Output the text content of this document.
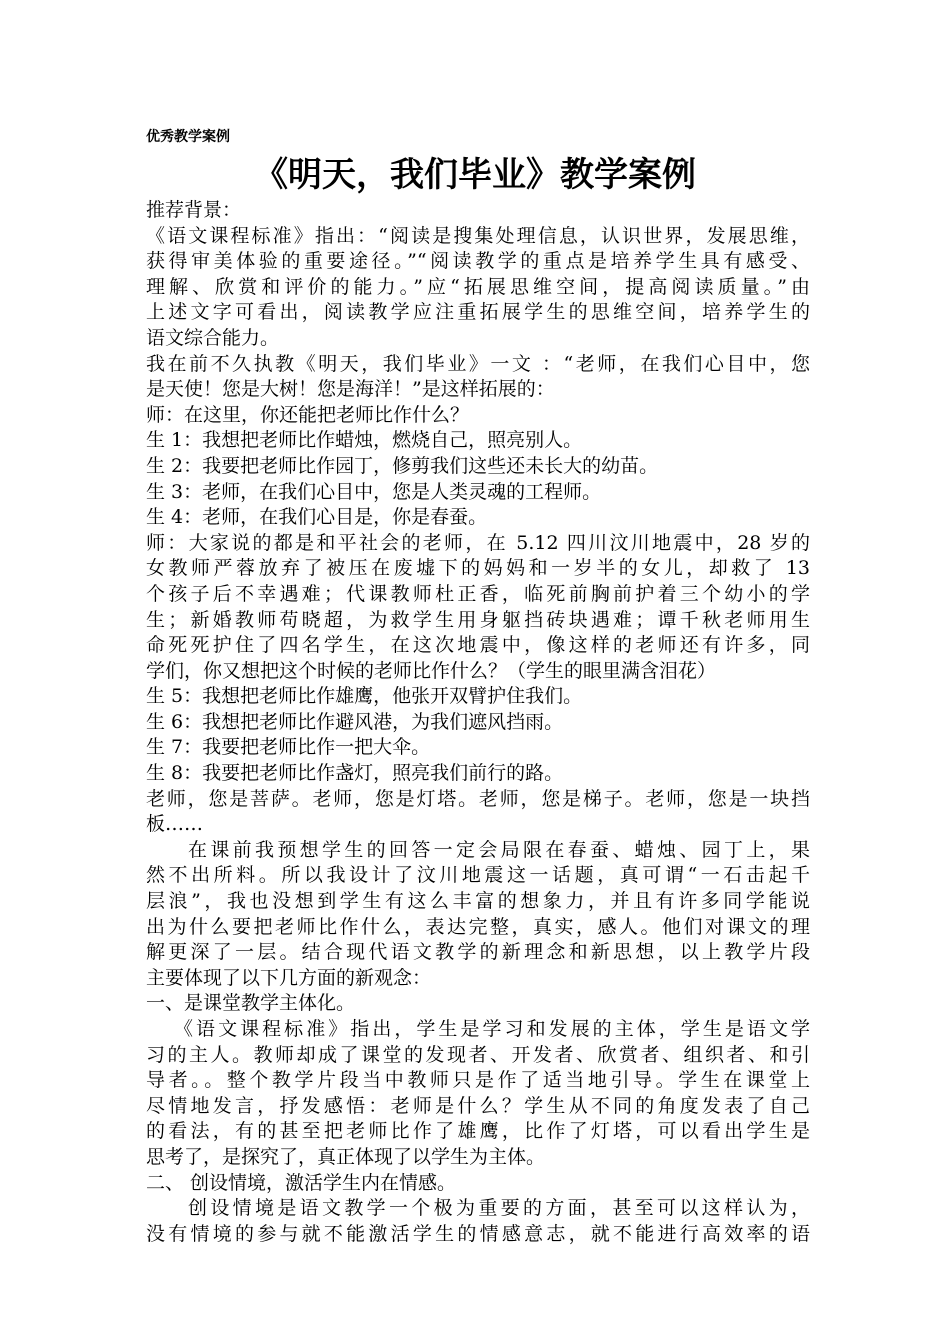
优秀教学案例
《明天，我们毕业》教学案例
推荐背景：
《语文课程标准》指出：“阅读是搜集处理信息，认识世界，发展思维，
获得审美体验的重要途径。”“阅读教学的重点是培养学生具有感受、
理解、欣赏和评价的能力。”应“拓展思维空间，提高阅读质量。”由
上述文字可看出，阅读教学应注重拓展学生的思维空间，培养学生的
语文综合能力。
我在前不久执教《明天，我们毕业》一文 ：“老师，在我们心目中，您
是天使！您是大树！您是海洋！”是这样拓展的：
师：在这里，你还能把老师比作什么？
生 1：我想把老师比作蜡烛，燃烧自己，照亮别人。
生 2：我要把老师比作园丁，修剪我们这些还未长大的幼苗。
生 3：老师，在我们心目中，您是人类灵魂的工程师。
生 4：老师，在我们心目是，你是春蚕。
师：大家说的都是和平社会的老师，在 5.12 四川汶川地震中，28 岁的
女教师严蓉放弃了被压在废墟下的妈妈和一岁半的女儿，却救了 13
个孩子后不幸遇难；代课教师杜正香，临死前胸前护着三个幼小的学
生；新婚教师苟晓超，为救学生用身躯挡砖块遇难；谭千秋老师用生
命死死护住了四名学生，在这次地震中，像这样的老师还有许多，同
学们，你又想把这个时候的老师比作什么？（学生的眼里满含泪花）
生 5：我想把老师比作雄鹰，他张开双臂护住我们。
生 6：我想把老师比作避风港，为我们遮风挡雨。
生 7：我要把老师比作一把大伞。
生 8：我要把老师比作盏灯，照亮我们前行的路。
老师，您是菩萨。老师，您是灯塔。老师，您是梯子。老师，您是一块挡
板……
在课前我预想学生的回答一定会局限在春蚕、蜡烛、园丁上，果
然不出所料。所以我设计了汶川地震这一话题，真可谓“一石击起千
层浪”，我也没想到学生有这么丰富的想象力，并且有许多同学能说
出为什么要把老师比作什么，表达完整，真实，感人。他们对课文的理
解更深了一层。结合现代语文教学的新理念和新思想，以上教学片段
主要体现了以下几方面的新观念：
一、是课堂教学主体化。
《语文课程标准》指出，学生是学习和发展的主体，学生是语文学
习的主人。教师却成了课堂的发现者、开发者、欣赏者、组织者、和引
导者。。整个教学片段当中教师只是作了适当地引导。学生在课堂上
尽情地发言，抒发感悟：老师是什么？学生从不同的角度发表了自己
的看法，有的甚至把老师比作了雄鹰，比作了灯塔，可以看出学生是
思考了，是探究了，真正体现了以学生为主体。
二、 创设情境，激活学生内在情感。
创设情境是语文教学一个极为重要的方面，甚至可以这样认为，
没有情境的参与就不能激活学生的情感意志，就不能进行高效率的语
